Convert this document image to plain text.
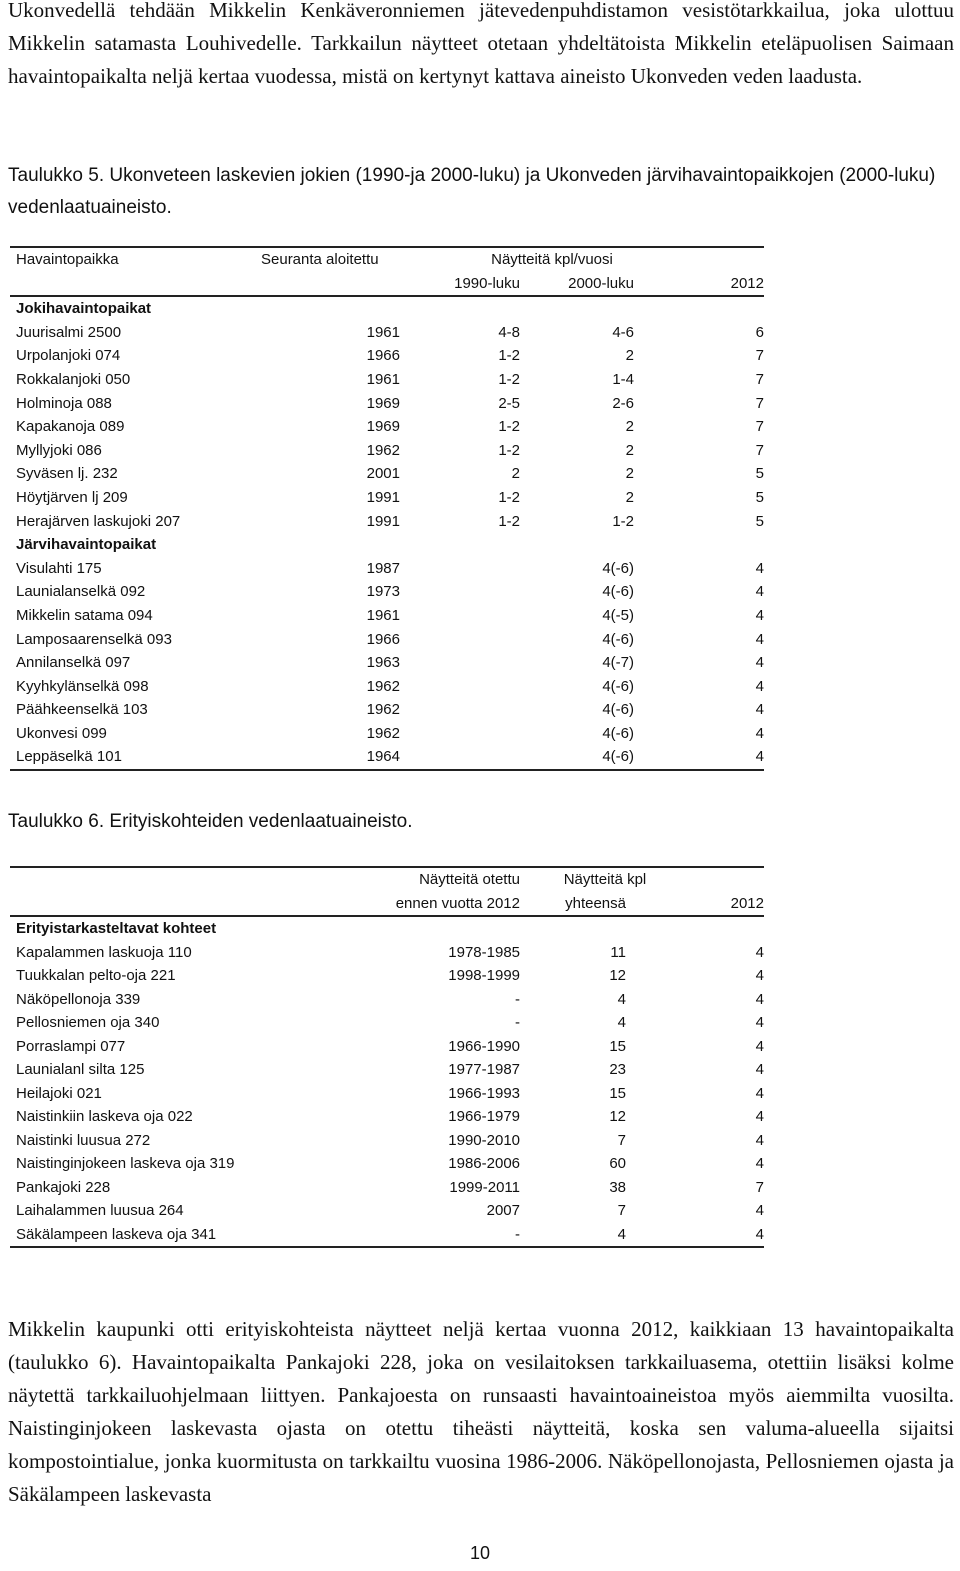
Ukonvedellä tehdään Mikkelin Kenkäveronniemen jätevedenpuhdistamon vesistötarkkailua, joka ulottuu Mikkelin satamasta Louhivedelle. Tarkkailun näytteet otetaan yhdeltätoista Mikkelin eteläpuolisen Saimaan havaintopaikalta neljä kertaa vuodessa, mistä on kertynyt kattava aineisto Ukonveden veden laadusta.

Taulukko 5. Ukonveteen laskevien jokien (1990-ja 2000-luku) ja Ukonveden järvihavaintopaikkojen (2000-luku) vedenlaatuaineisto.

Havaintopaikka	Seuranta aloitettu	Näytteitä kpl/vuosi		
		1990-luku	2000-luku	2012
Jokihavaintopaikat				
Juurisalmi 2500	1961	4-8	4-6	6
Urpolanjoki 074	1966	1-2	2	7
Rokkalanjoki 050	1961	1-2	1-4	7
Holminoja 088	1969	2-5	2-6	7
Kapakanoja 089	1969	1-2	2	7
Myllyjoki 086	1962	1-2	2	7
Syväsen lj. 232	2001	2	2	5
Höytjärven lj 209	1991	1-2	2	5
Herajärven laskujoki 207	1991	1-2	1-2	5
Järvihavaintopaikat				
Visulahti 175	1987		4(-6)	4
Launialanselkä 092	1973		4(-6)	4
Mikkelin satama 094	1961		4(-5)	4
Lamposaarenselkä 093	1966		4(-6)	4
Annilanselkä 097	1963		4(-7)	4
Kyyhkylänselkä 098	1962		4(-6)	4
Päähkeenselkä 103	1962		4(-6)	4
Ukonvesi 099	1962		4(-6)	4
Leppäselkä 101	1964		4(-6)	4

Taulukko 6. Erityiskohteiden vedenlaatuaineisto.

	Näytteitä otettu	Näytteitä kpl	
	ennen vuotta 2012	yhteensä	2012
Erityistarkasteltavat kohteet			
Kapalammen laskuoja 110	1978-1985	11	4
Tuukkalan pelto-oja 221	1998-1999	12	4
Näköpellonoja 339	-	4	4
Pellosniemen oja 340	-	4	4
Porraslampi 077	1966-1990	15	4
Launialanl silta 125	1977-1987	23	4
Heilajoki 021	1966-1993	15	4
Naistinkiin laskeva oja 022	1966-1979	12	4
Naistinki luusua 272	1990-2010	7	4
Naistinginjokeen laskeva oja 319	1986-2006	60	4
Pankajoki 228	1999-2011	38	7
Laihalammen luusua 264	2007	7	4
Säkälampeen laskeva oja 341	-	4	4

Mikkelin kaupunki otti erityiskohteista näytteet neljä kertaa vuonna 2012, kaikkiaan 13 havaintopaikalta (taulukko 6). Havaintopaikalta Pankajoki 228, joka on vesilaitoksen tarkkailuasema, otettiin lisäksi kolme näytettä tarkkailuohjelmaan liittyen. Pankajoesta on runsaasti havaintoaineistoa myös aiemmilta vuosilta. Naistinginjokeen laskevasta ojasta on otettu tiheästi näytteitä, koska sen valuma-alueella sijaitsi kompostointialue, jonka kuormitusta on tarkkailtu vuosina 1986-2006. Näköpellonojasta, Pellosniemen ojasta ja Säkälampeen laskevasta

10
